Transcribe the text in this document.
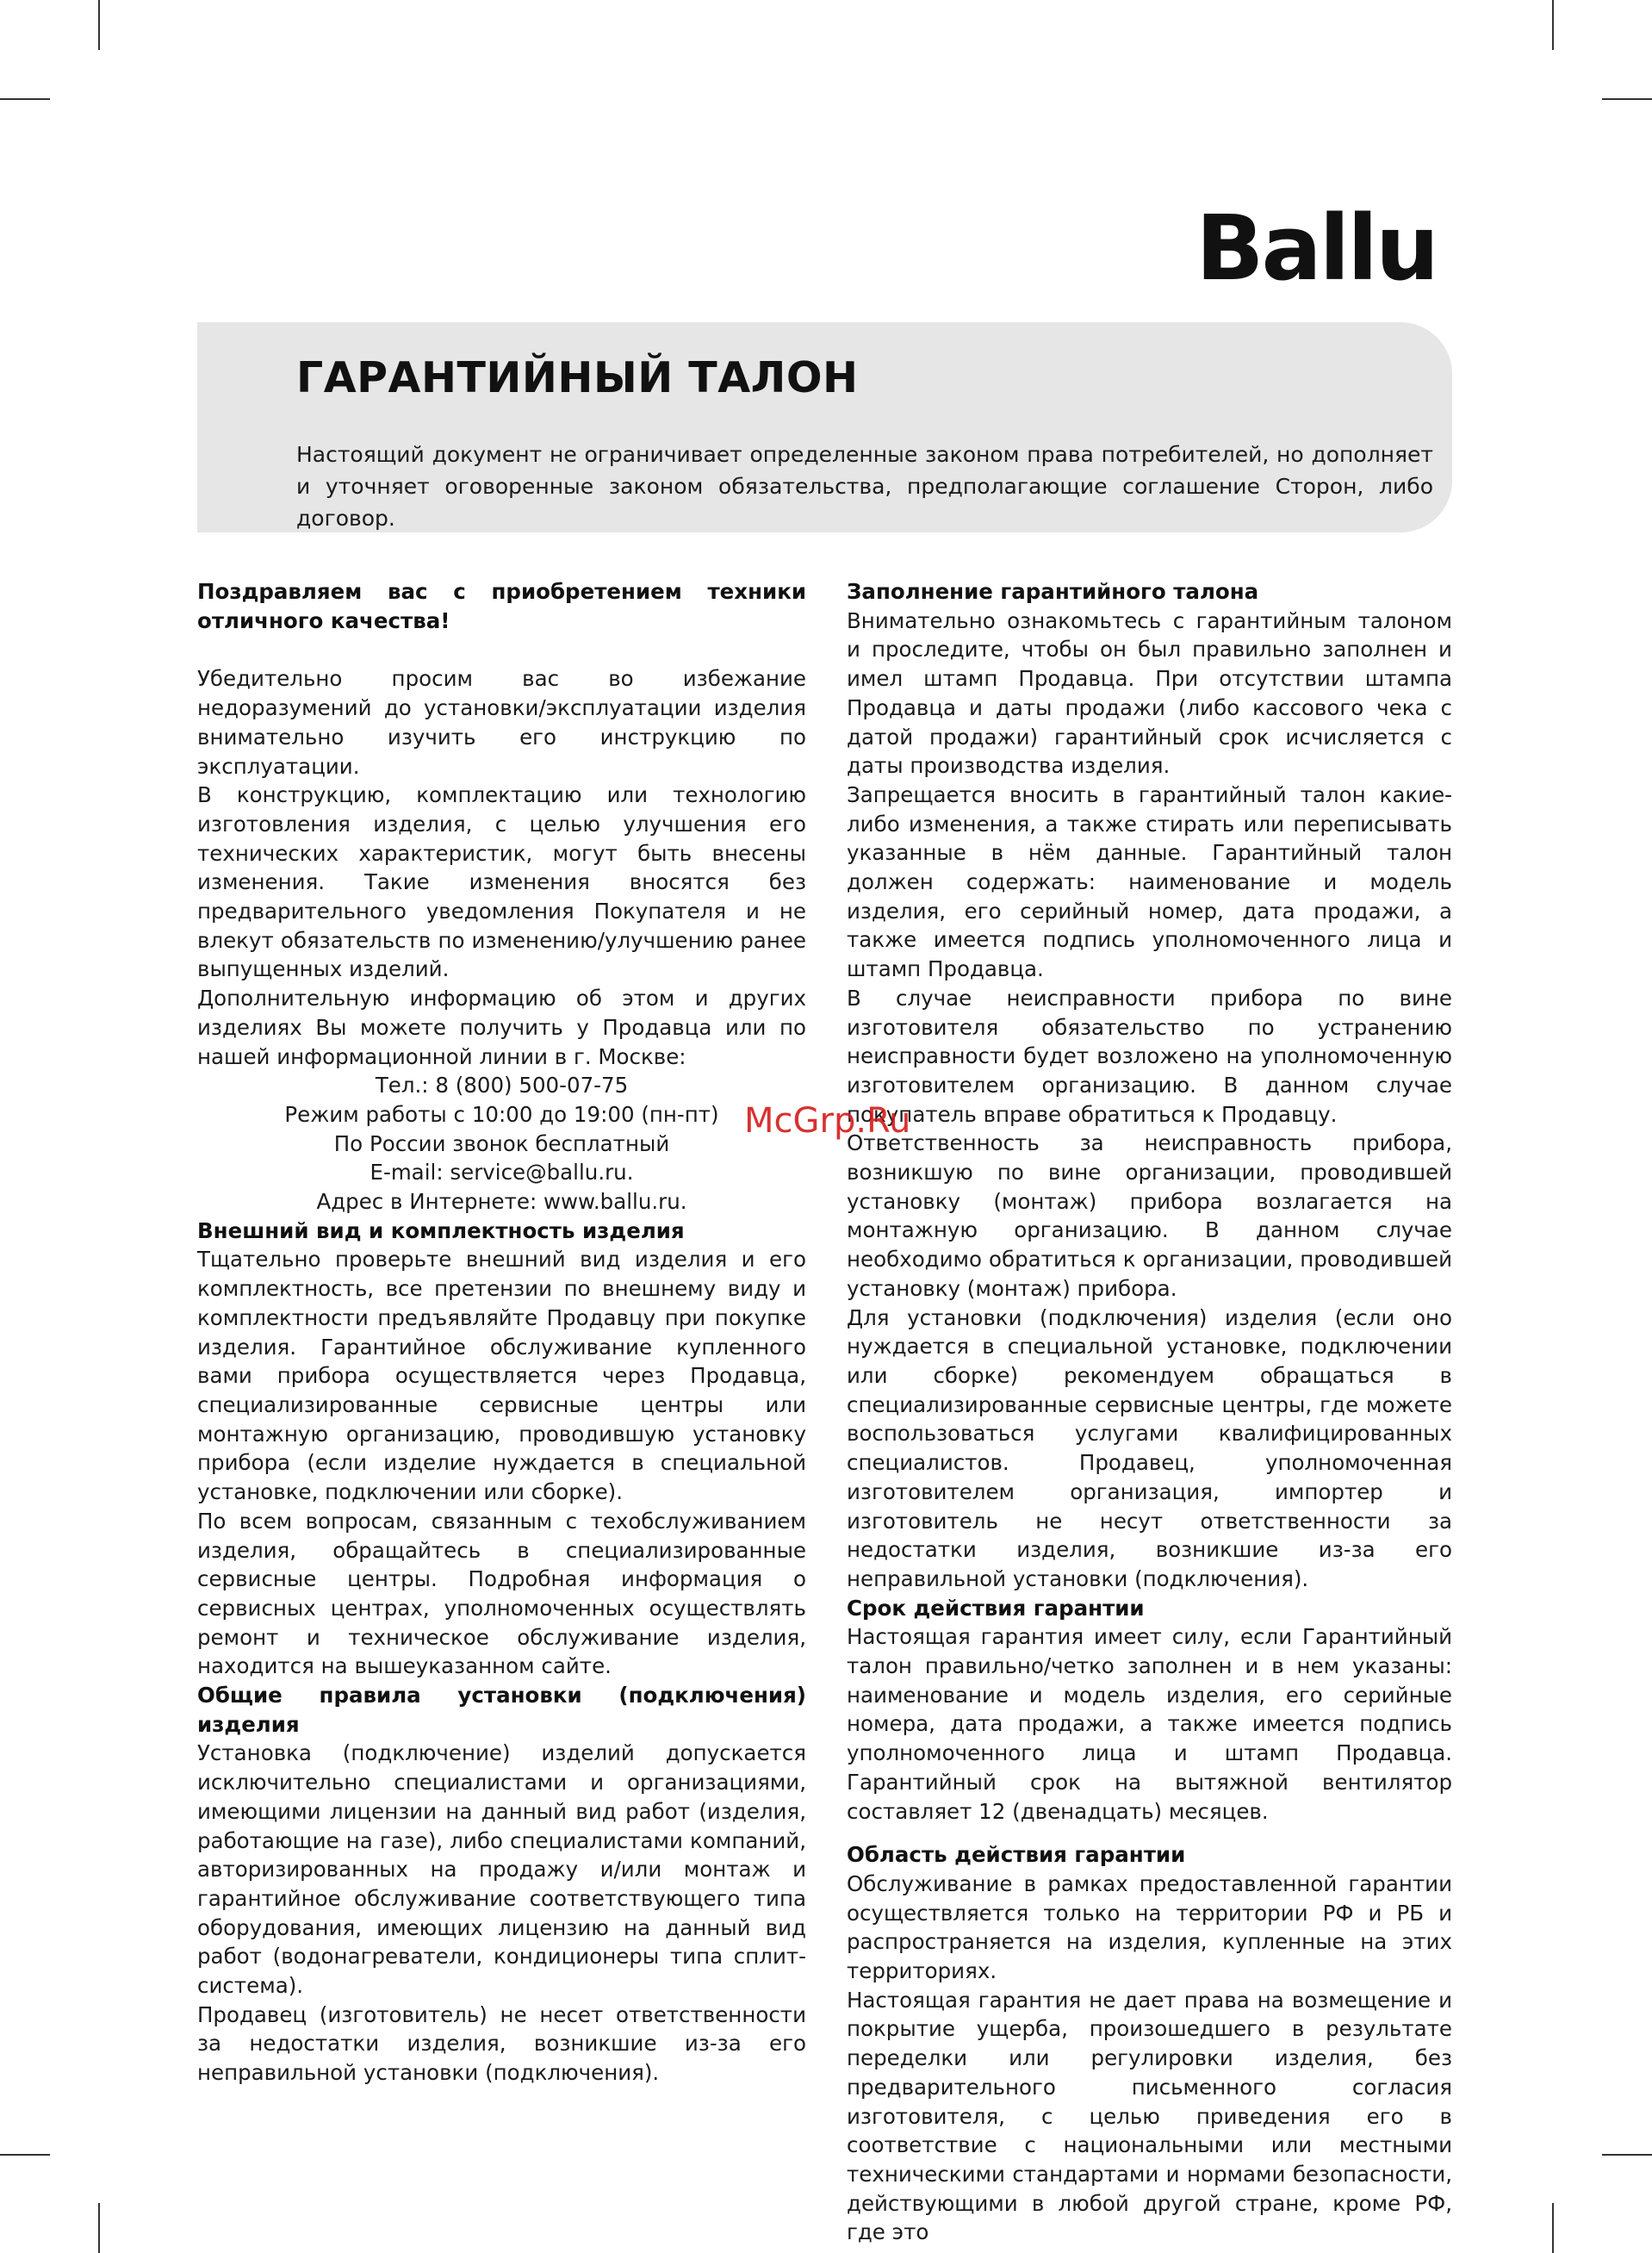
Ballu
ГАРАНТИЙНЫЙ ТАЛОН

Настоящий документ не ограничивает определенные законом права потребителей, но дополняет и уточняет оговоренные законом обязательства, предполагающие соглашение Сторон, либо договор.

Поздравляем вас с приобретением техники отличного качества!

Убедительно просим вас во избежание недоразумений до установки/эксплуатации изделия внимательно изучить его инструкцию по эксплуатации.

В конструкцию, комплектацию или технологию изготовления изделия, с целью улучшения его технических характеристик, могут быть внесены изменения. Такие изменения вносятся без предварительного уведомления Покупателя и не влекут обязательств по изменению/улучшению ранее выпущенных изделий.

Дополнительную информацию об этом и других изделиях Вы можете получить у Продавца или по нашей информационной линии в г. Москве:

Тел.: 8 (800) 500-07-75

Режим работы с 10:00 до 19:00 (пн-пт)

По России звонок бесплатный

E-mail: service@ballu.ru.

Адрес в Интернете: www.ballu.ru.

Внешний вид и комплектность изделия

Тщательно проверьте внешний вид изделия и его комплектность, все претензии по внешнему виду и комплектности предъявляйте Продавцу при покупке изделия. Гарантийное обслуживание купленного вами прибора осуществляется через Продавца, специализированные сервисные центры или монтажную организацию, проводившую установку прибора (если изделие нуждается в специальной установке, подключении или сборке).

По всем вопросам, связанным с техобслуживанием изделия, обращайтесь в специализированные сервисные центры. Подробная информация о сервисных центрах, уполномоченных осуществлять ремонт и техническое обслуживание изделия, находится на вышеуказанном сайте.

Общие правила установки (подключения) изделия

Установка (подключение) изделий допускается исключительно специалистами и организациями, имеющими лицензии на данный вид работ (изделия, работающие на газе), либо специалистами компаний, авторизированных на продажу и/или монтаж и гарантийное обслуживание соответствующего типа оборудования, имеющих лицензию на данный вид работ (водонагреватели, кондиционеры типа сплит-система).

Продавец (изготовитель) не несет ответственности за недостатки изделия, возникшие из-за его неправильной установки (подключения).

Заполнение гарантийного талона

Внимательно ознакомьтесь с гарантийным талоном и проследите, чтобы он был правильно заполнен и имел штамп Продавца. При отсутствии штампа Продавца и даты продажи (либо кассового чека с датой продажи) гарантийный срок исчисляется с даты производства изделия.

Запрещается вносить в гарантийный талон какие-либо изменения, а также стирать или переписывать указанные в нём данные. Гарантийный талон должен содержать: наименование и модель изделия, его серийный номер, дата продажи, а также имеется подпись уполномоченного лица и штамп Продавца.

В случае неисправности прибора по вине изготовителя обязательство по устранению неисправности будет возложено на уполномоченную изготовителем организацию. В данном случае покупатель вправе обратиться к Продавцу.

Ответственность за неисправность прибора, возникшую по вине организации, проводившей установку (монтаж) прибора возлагается на монтажную организацию. В данном случае необходимо обратиться к организации, проводившей установку (монтаж) прибора.

Для установки (подключения) изделия (если оно нуждается в специальной установке, подключении или сборке) рекомендуем обращаться в специализированные сервисные центры, где можете воспользоваться услугами квалифицированных специалистов. Продавец, уполномоченная изготовителем организация, импортер и изготовитель не несут ответственности за недостатки изделия, возникшие из-за его неправильной установки (подключения).

Срок действия гарантии

Настоящая гарантия имеет силу, если Гарантийный талон правильно/четко заполнен и в нем указаны: наименование и модель изделия, его серийные номера, дата продажи, а также имеется подпись уполномоченного лица и штамп Продавца. Гарантийный срок на вытяжной вентилятор составляет 12 (двенадцать) месяцев.

Область действия гарантии

Обслуживание в рамках предоставленной гарантии осуществляется только на территории РФ и РБ и распространяется на изделия, купленные на этих территориях.

Настоящая гарантия не дает права на возмещение и покрытие ущерба, произошедшего в результате переделки или регулировки изделия, без предварительного письменного согласия изготовителя, с целью приведения его в соответствие с национальными или местными техническими стандартами и нормами безопасности, действующими в любой другой стране, кроме РФ, где это

McGrp.Ru
